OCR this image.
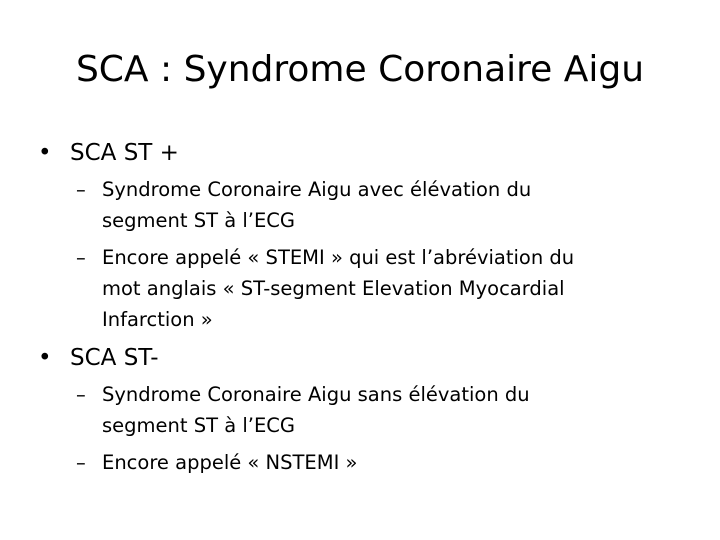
SCA : Syndrome Coronaire Aigu
• SCA ST +
– Syndrome Coronaire Aigu avec élévation du
segment ST à l’ECG
– Encore appelé « STEMI » qui est l’abréviation du
mot anglais « ST-segment Elevation Myocardial
Infarction »
• SCA ST-
– Syndrome Coronaire Aigu sans élévation du
segment ST à l’ECG
– Encore appelé « NSTEMI »
